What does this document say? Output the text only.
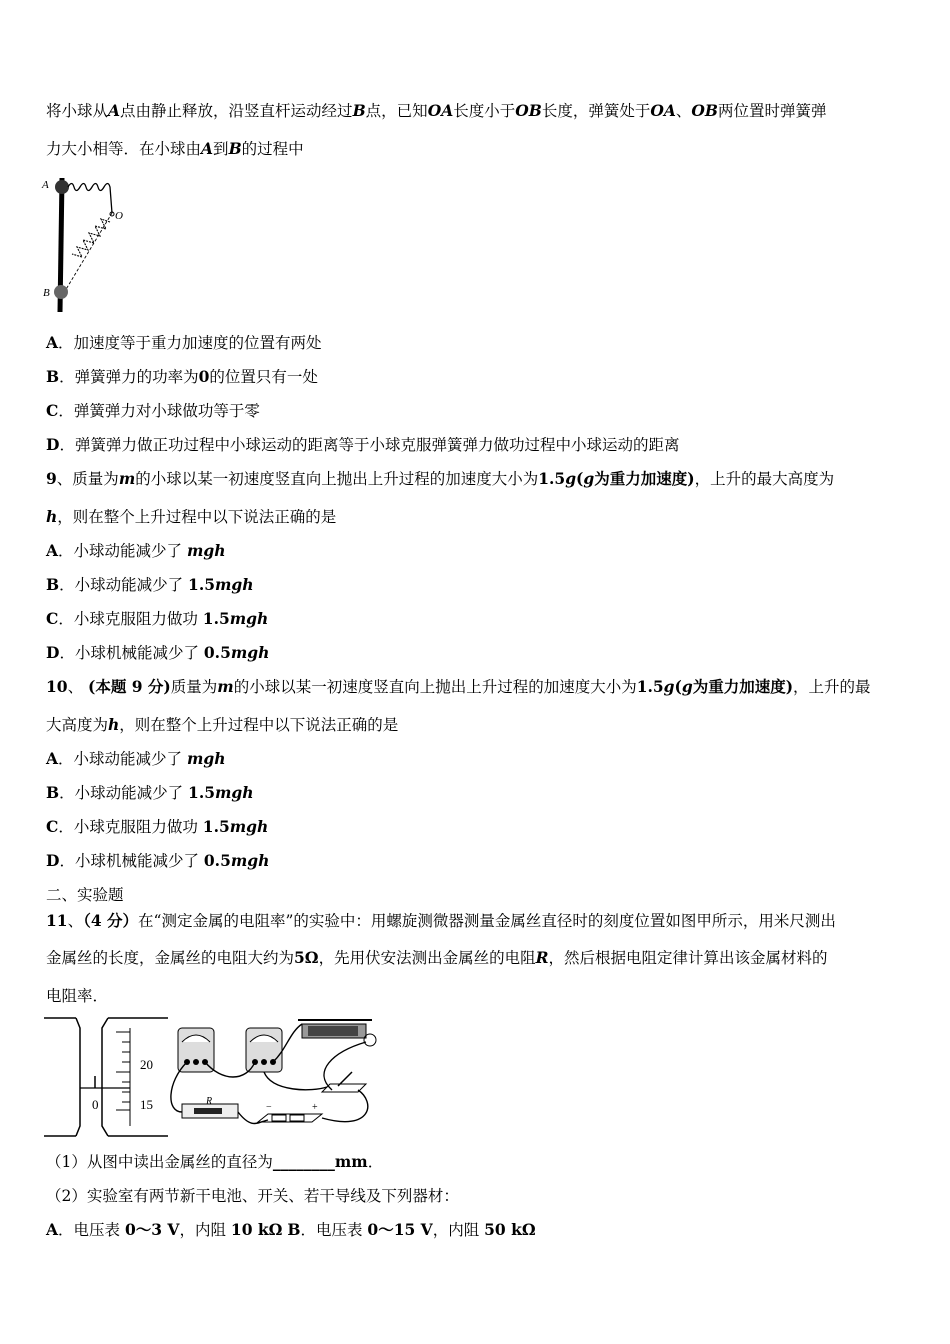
将小球从A点由静止释放，沿竖直杆运动经过B点，已知OA长度小于OB长度，弹簧处于OA、OB两位置时弹簧弹
力大小相等．在小球由A到B的过程中
A
O
B
A．加速度等于重力加速度的位置有两处
B．弹簧弹力的功率为0的位置只有一处
C．弹簧弹力对小球做功等于零
D．弹簧弹力做正功过程中小球运动的距离等于小球克服弹簧弹力做功过程中小球运动的距离
9、质量为m的小球以某一初速度竖直向上抛出上升过程的加速度大小为1.5g(g为重力加速度)，上升的最大高度为
h，则在整个上升过程中以下说法正确的是
A．小球动能减少了 mgh
B．小球动能减少了 1.5mgh
C．小球克服阻力做功 1.5mgh
D．小球机械能减少了 0.5mgh
10、 (本题 9 分)质量为m的小球以某一初速度竖直向上抛出上升过程的加速度大小为1.5g(g为重力加速度)，上升的最
大高度为h，则在整个上升过程中以下说法正确的是
A．小球动能减少了 mgh
B．小球动能减少了 1.5mgh
C．小球克服阻力做功 1.5mgh
D．小球机械能减少了 0.5mgh
二、实验题
11、（4 分）在“测定金属的电阻率”的实验中：用螺旋测微器测量金属丝直径时的刻度位置如图甲所示，用米尺测出
金属丝的长度，金属丝的电阻大约为5Ω，先用伏安法测出金属丝的电阻R，然后根据电阻定律计算出该金属材料的
电阻率．
20
15
0	R
−	+
（1）从图中读出金属丝的直径为________mm．
（2）实验室有两节新干电池、开关、若干导线及下列器材：
A．电压表 0～3 V，内阻 10 kΩ B．电压表 0～15 V，内阻 50 kΩ
